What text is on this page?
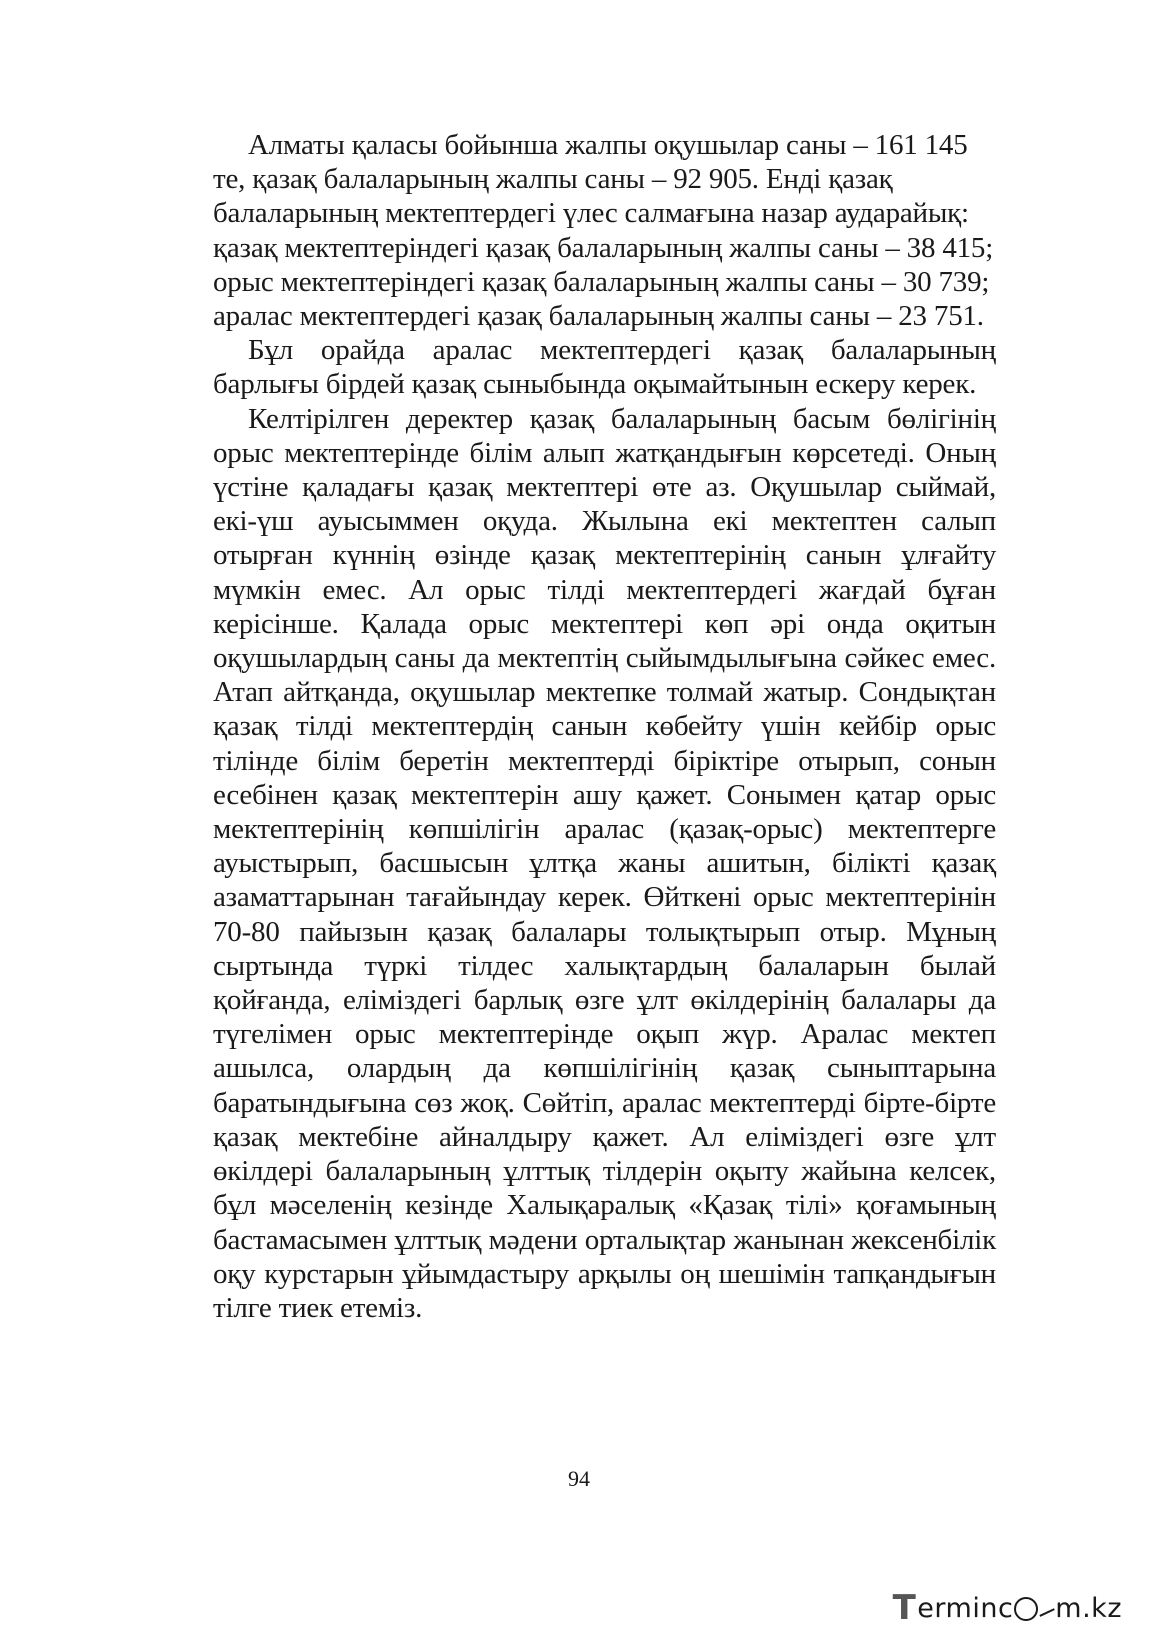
Алматы қаласы бойынша жалпы оқушылар саны – 161 145
те, қазақ балаларының жалпы саны – 92 905. Енді қазақ
балаларының мектептердегі үлес салмағына назар аударайық:
қазақ мектептеріндегі қазақ балаларының жалпы саны – 38 415;
орыс мектептеріндегі қазақ балаларының жалпы саны – 30 739;
аралас мектептердегі қазақ балаларының жалпы саны – 23 751.

Бұл орайда аралас мектептердегі қазақ балаларының барлығы бірдей қазақ сыныбында оқымайтынын ескеру керек.

Келтірілген деректер қазақ балаларының басым бөлігінің орыс мектептерінде білім алып жатқандығын көрсетеді. Оның үстіне қаладағы қазақ мектептері өте аз. Оқушылар сыймай, екі-үш ауысыммен оқуда. Жылына екі мектептен салып отырған күннің өзінде қазақ мектептерінің санын ұлғайту мүмкін емес. Ал орыс тілді мектептердегі жағдай бұған керісінше. Қалада орыс мектептері көп әрі онда оқитын оқушылардың саны да мектептің сыйымдылығына сәйкес емес. Атап айтқанда, оқушылар мектепке толмай жатыр. Сондықтан қазақ тілді мектептердің санын көбейту үшін кейбір орыс тілінде білім беретін мектептерді біріктіре отырып, сонын есебінен қазақ мектептерін ашу қажет. Сонымен қатар орыс мектептерінің көпшілігін аралас (қазақ-орыс) мектептерге ауыстырып, басшысын ұлтқа жаны ашитын, білікті қазақ азаматтарынан тағайындау керек. Өйткені орыс мектептерінін 70-80 пайызын қазақ балалары толықтырып отыр. Мұның сыртында түркі тілдес халықтардың балаларын былай қойғанда, еліміздегі барлық өзге ұлт өкілдерінің балалары да түгелімен орыс мектептерінде оқып жүр. Аралас мектеп ашылса, олардың да көпшілігінің қазақ сыныптарына баратындығына сөз жоқ. Сөйтіп, аралас мектептерді бірте-бірте қазақ мектебіне айналдыру қажет. Ал еліміздегі өзге ұлт өкілдері балаларының ұлттық тілдерін оқыту жайына келсек, бұл мәселенің кезінде Халықаралық «Қазақ тілі» қоғамының бастамасымен ұлттық мәдени орталықтар жанынан жексенбілік оқу курстарын ұйымдастыру арқылы оң шешімін тапқандығын тілге тиек етеміз.

94
T erminc m.kz
